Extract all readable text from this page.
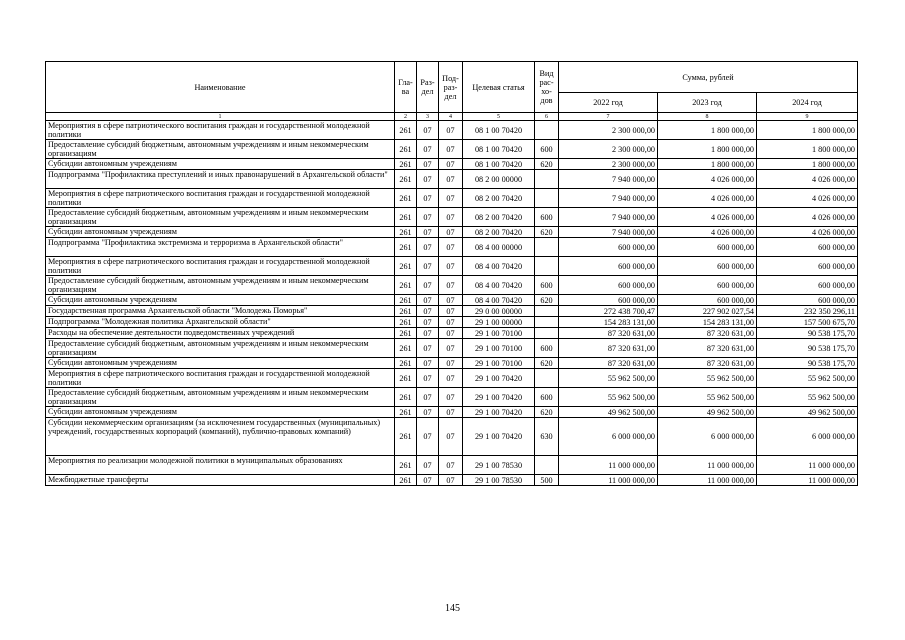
Наименование	Гла-ва	Раз-дел	Под-раз-дел	Целевая статья	Вид рас-хо-дов	Сумма, рублей		
						2022 год	2023 год	2024 год
1	2	3	4	5	6	7	8	9
Мероприятия в сфере патриотического воспитания граждан и государственной молодежной политики	261	07	07	08 1 00 70420		2 300 000,00	1 800 000,00	1 800 000,00
Предоставление субсидий бюджетным, автономным учреждениям и иным некоммерческим организациям	261	07	07	08 1 00 70420	600	2 300 000,00	1 800 000,00	1 800 000,00
Субсидии автономным учреждениям	261	07	07	08 1 00 70420	620	2 300 000,00	1 800 000,00	1 800 000,00
Подпрограмма "Профилактика преступлений и иных правонарушений в Архангельской области"	261	07	07	08 2 00 00000		7 940 000,00	4 026 000,00	4 026 000,00
Мероприятия в сфере патриотического воспитания граждан и государственной молодежной политики	261	07	07	08 2 00 70420		7 940 000,00	4 026 000,00	4 026 000,00
Предоставление субсидий бюджетным, автономным учреждениям и иным некоммерческим организациям	261	07	07	08 2 00 70420	600	7 940 000,00	4 026 000,00	4 026 000,00
Субсидии автономным учреждениям	261	07	07	08 2 00 70420	620	7 940 000,00	4 026 000,00	4 026 000,00
Подпрограмма "Профилактика экстремизма и терроризма в Архангельской области"	261	07	07	08 4 00 00000		600 000,00	600 000,00	600 000,00
Мероприятия в сфере патриотического воспитания граждан и государственной молодежной политики	261	07	07	08 4 00 70420		600 000,00	600 000,00	600 000,00
Предоставление субсидий бюджетным, автономным учреждениям и иным некоммерческим организациям	261	07	07	08 4 00 70420	600	600 000,00	600 000,00	600 000,00
Субсидии автономным учреждениям	261	07	07	08 4 00 70420	620	600 000,00	600 000,00	600 000,00
Государственная программа Архангельской области "Молодежь Поморья"	261	07	07	29 0 00 00000		272 438 700,47	227 902 027,54	232 350 296,11
Подпрограмма "Молодежная политика Архангельской области"	261	07	07	29 1 00 00000		154 283 131,00	154 283 131,00	157 500 675,70
Расходы на обеспечение деятельности подведомственных учреждений	261	07	07	29 1 00 70100		87 320 631,00	87 320 631,00	90 538 175,70
Предоставление субсидий бюджетным, автономным учреждениям и иным некоммерческим организациям	261	07	07	29 1 00 70100	600	87 320 631,00	87 320 631,00	90 538 175,70
Субсидии автономным учреждениям	261	07	07	29 1 00 70100	620	87 320 631,00	87 320 631,00	90 538 175,70
Мероприятия в сфере патриотического воспитания граждан и государственной молодежной политики	261	07	07	29 1 00 70420		55 962 500,00	55 962 500,00	55 962 500,00
Предоставление субсидий бюджетным, автономным учреждениям и иным некоммерческим организациям	261	07	07	29 1 00 70420	600	55 962 500,00	55 962 500,00	55 962 500,00
Субсидии автономным учреждениям	261	07	07	29 1 00 70420	620	49 962 500,00	49 962 500,00	49 962 500,00
Субсидии некоммерческим организациям (за исключением государственных (муниципальных) учреждений, государственных корпораций (компаний), публично-правовых компаний)	261	07	07	29 1 00 70420	630	6 000 000,00	6 000 000,00	6 000 000,00
Мероприятия по реализации молодежной политики в муниципальных образованиях	261	07	07	29 1 00 78530		11 000 000,00	11 000 000,00	11 000 000,00
Межбюджетные трансферты	261	07	07	29 1 00 78530	500	11 000 000,00	11 000 000,00	11 000 000,00
145
